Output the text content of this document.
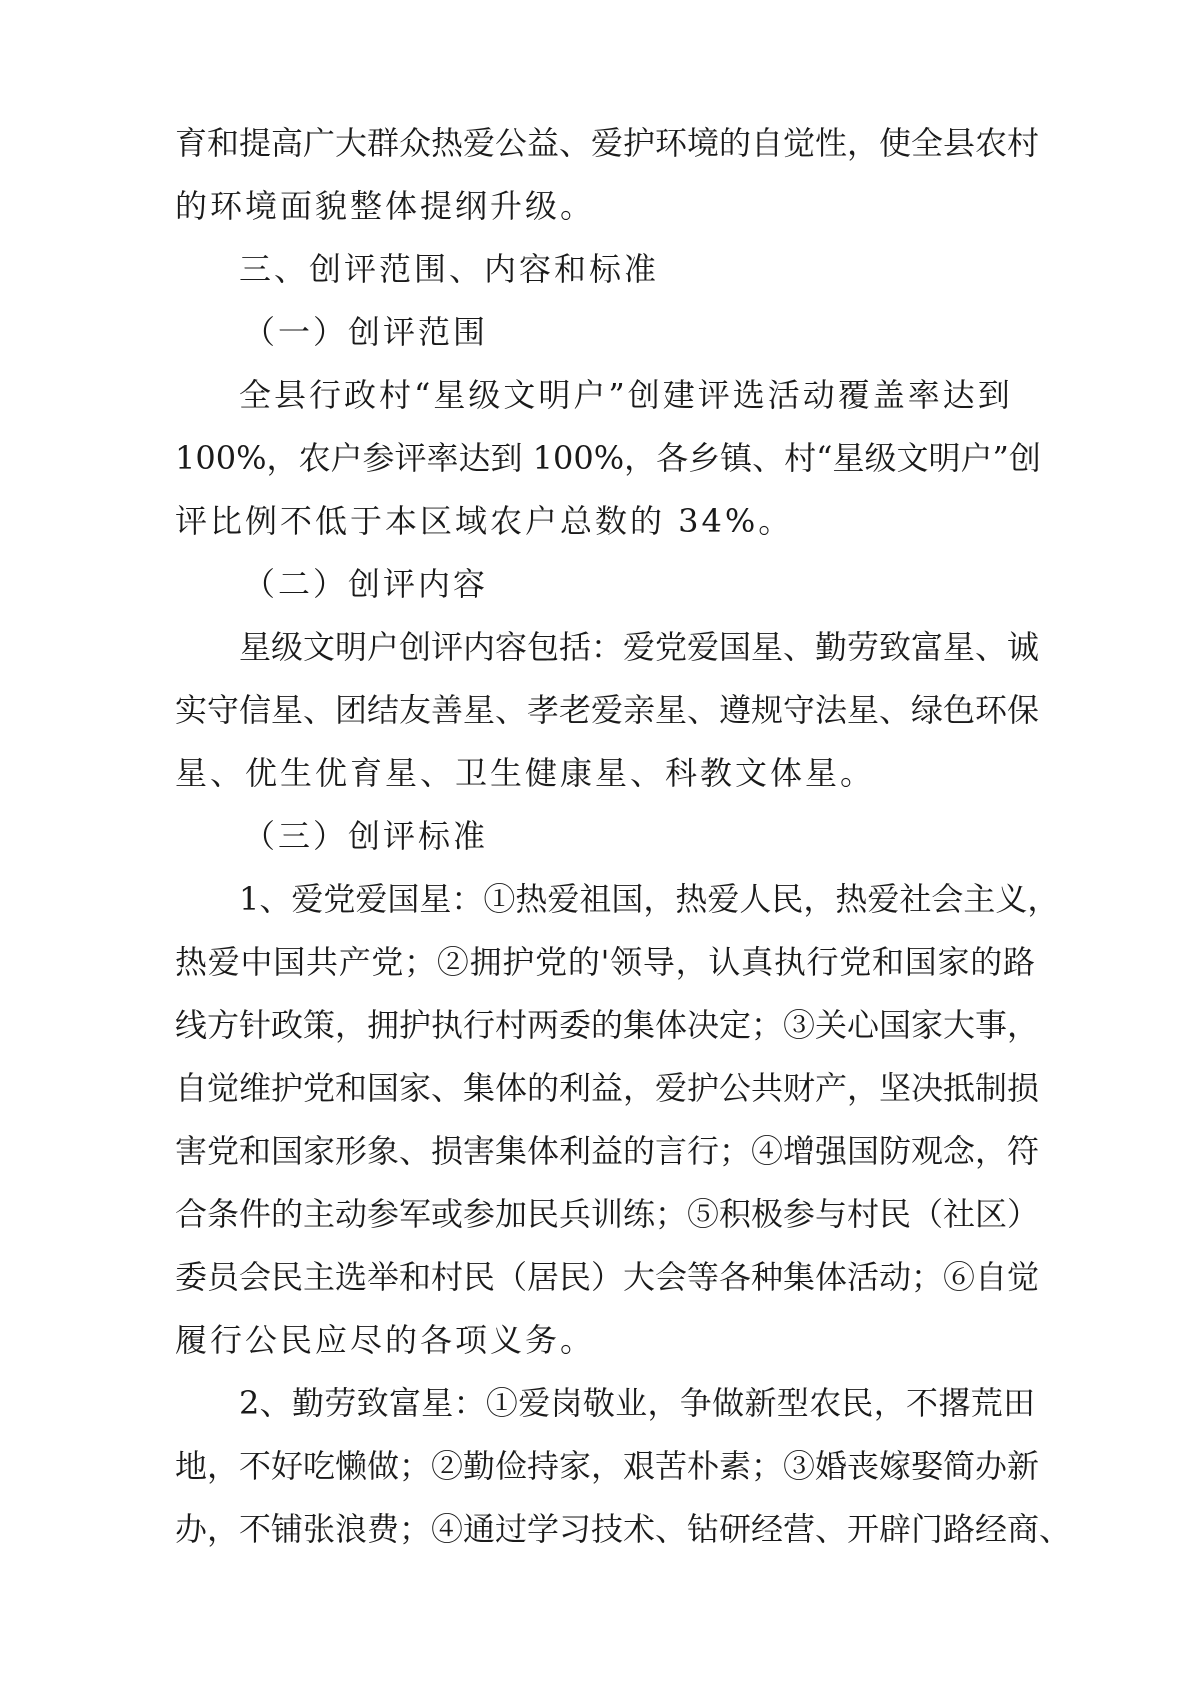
育和提高广大群众热爱公益、爱护环境的自觉性，使全县农村
的环境面貌整体提纲升级。
三、创评范围、内容和标准
（一）创评范围
全县行政村“星级文明户”创建评选活动覆盖率达到
100%，农户参评率达到 100%，各乡镇、村“星级文明户”创
评比例不低于本区域农户总数的 34%。
（二）创评内容
星级文明户创评内容包括：爱党爱国星、勤劳致富星、诚
实守信星、团结友善星、孝老爱亲星、遵规守法星、绿色环保
星、优生优育星、卫生健康星、科教文体星。
（三）创评标准
1、爱党爱国星：①热爱祖国，热爱人民，热爱社会主义，
热爱中国共产党；②拥护党的'领导，认真执行党和国家的路
线方针政策，拥护执行村两委的集体决定；③关心国家大事，
自觉维护党和国家、集体的利益，爱护公共财产，坚决抵制损
害党和国家形象、损害集体利益的言行；④增强国防观念，符
合条件的主动参军或参加民兵训练；⑤积极参与村民（社区）
委员会民主选举和村民（居民）大会等各种集体活动；⑥自觉
履行公民应尽的各项义务。
2、勤劳致富星：①爱岗敬业，争做新型农民，不撂荒田
地，不好吃懒做；②勤俭持家，艰苦朴素；③婚丧嫁娶简办新
办，不铺张浪费；④通过学习技术、钻研经营、开辟门路经商、
